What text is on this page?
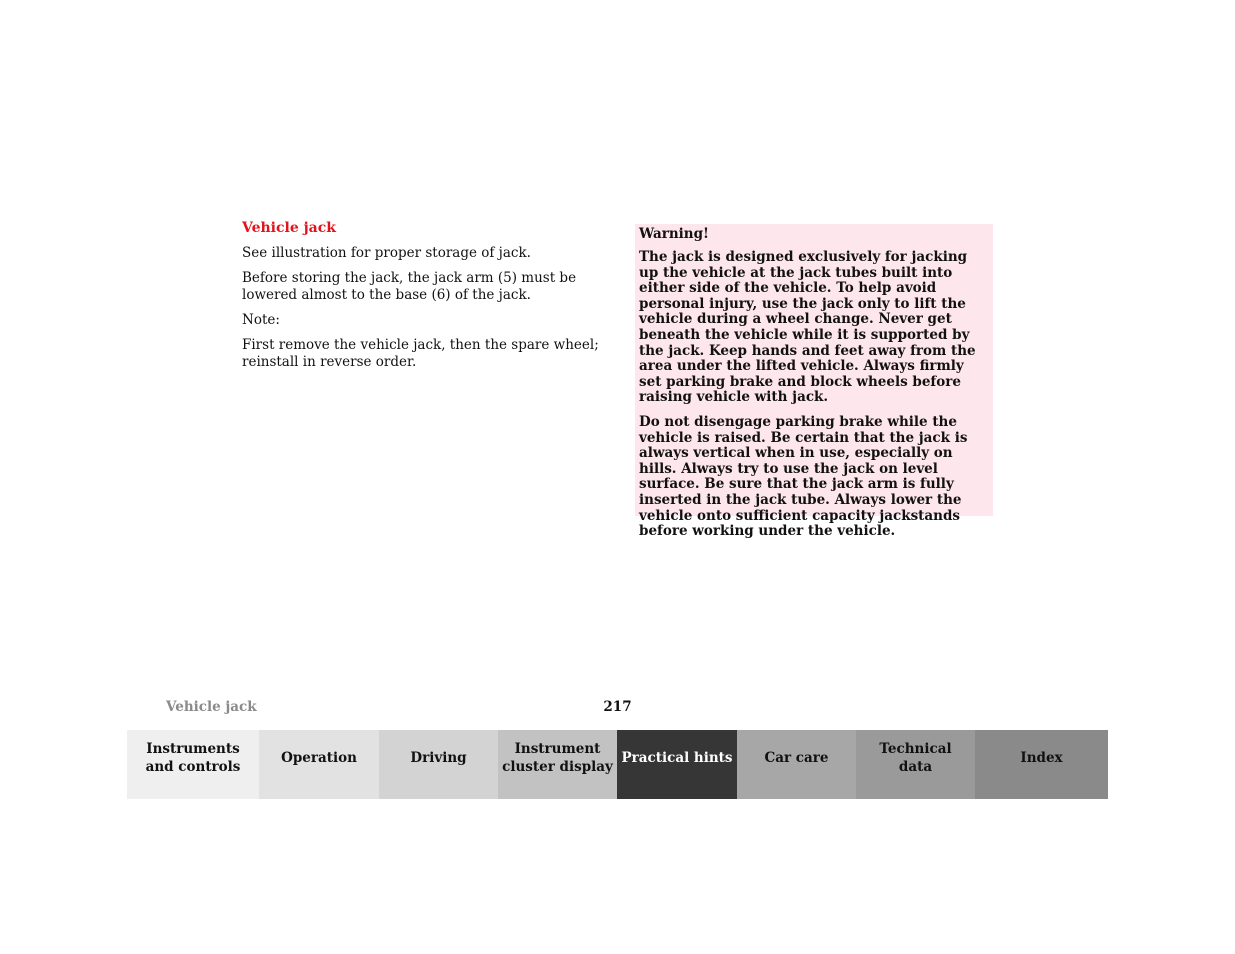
Vehicle jack

See illustration for proper storage of jack.

Before storing the jack, the jack arm (5) must be lowered almost to the base (6) of the jack.

Note:

First remove the vehicle jack, then the spare wheel; reinstall in reverse order.

Warning!

The jack is designed exclusively for jacking up the vehicle at the jack tubes built into either side of the vehicle. To help avoid personal injury, use the jack only to lift the vehicle during a wheel change. Never get beneath the vehicle while it is supported by the jack. Keep hands and feet away from the area under the lifted vehicle. Always firmly set parking brake and block wheels before raising vehicle with jack.

Do not disengage parking brake while the vehicle is raised. Be certain that the jack is always vertical when in use, especially on hills. Always try to use the jack on level surface. Be sure that the jack arm is fully inserted in the jack tube. Always lower the vehicle onto sufficient capacity jackstands before working under the vehicle.

Vehicle jack	217
Instruments
and controls
Operation	Driving
Instrument
cluster display
Practical hints	Car care
Technical
data
Index
